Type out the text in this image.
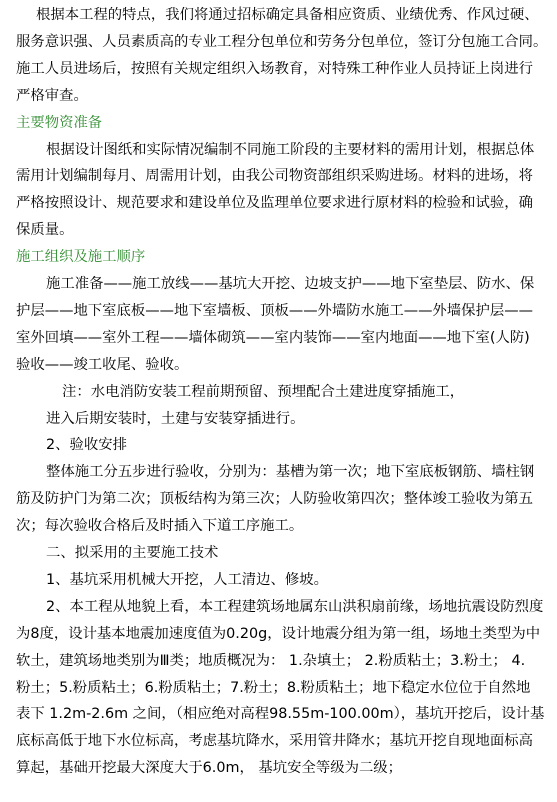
根据本工程的特点，我们将通过招标确定具备相应资质、业绩优秀、作风过硬、
服务意识强、人员素质高的专业工程分包单位和劳务分包单位，签订分包施工合同。
施工人员进场后，按照有关规定组织入场教育，对特殊工种作业人员持证上岗进行
严格审查。
主要物资准备
根据设计图纸和实际情况编制不同施工阶段的主要材料的需用计划，根据总体
需用计划编制每月、周需用计划，由我公司物资部组织采购进场。材料的进场，将
严格按照设计、规范要求和建设单位及监理单位要求进行原材料的检验和试验，确
保质量。
施工组织及施工顺序
施工准备——施工放线——基坑大开挖、边坡支护——地下室垫层、防水、保
护层——地下室底板——地下室墙板、顶板——外墙防水施工——外墙保护层——
室外回填——室外工程——墙体砌筑——室内装饰——室内地面——地下室(人防)
验收——竣工收尾、验收。
注：水电消防安装工程前期预留、预埋配合土建进度穿插施工，
进入后期安装时，土建与安装穿插进行。
2、验收安排
整体施工分五步进行验收，分别为：基槽为第一次；地下室底板钢筋、墙柱钢
筋及防护门为第二次；顶板结构为第三次；人防验收第四次；整体竣工验收为第五
次；每次验收合格后及时插入下道工序施工。
二、拟采用的主要施工技术
1、基坑采用机械大开挖，人工清边、修坡。
2、本工程从地貌上看，本工程建筑场地属东山洪积扇前缘，场地抗震设防烈度
为8度，设计基本地震加速度值为0.20g，设计地震分组为第一组，场地土类型为中
软土，建筑场地类别为Ⅲ类；地质概况为： 1.杂填土； 2.粉质粘土；3.粉土； 4.
粉土；5.粉质粘土；6.粉质粘土；7.粉土；8.粉质粘土；地下稳定水位位于自然地
表下 1.2m-2.6m 之间，（相应绝对高程98.55m-100.00m），基坑开挖后，设计基
底标高低于地下水位标高，考虑基坑降水，采用管井降水；基坑开挖自现地面标高
算起，基础开挖最大深度大于6.0m， 基坑安全等级为二级；
